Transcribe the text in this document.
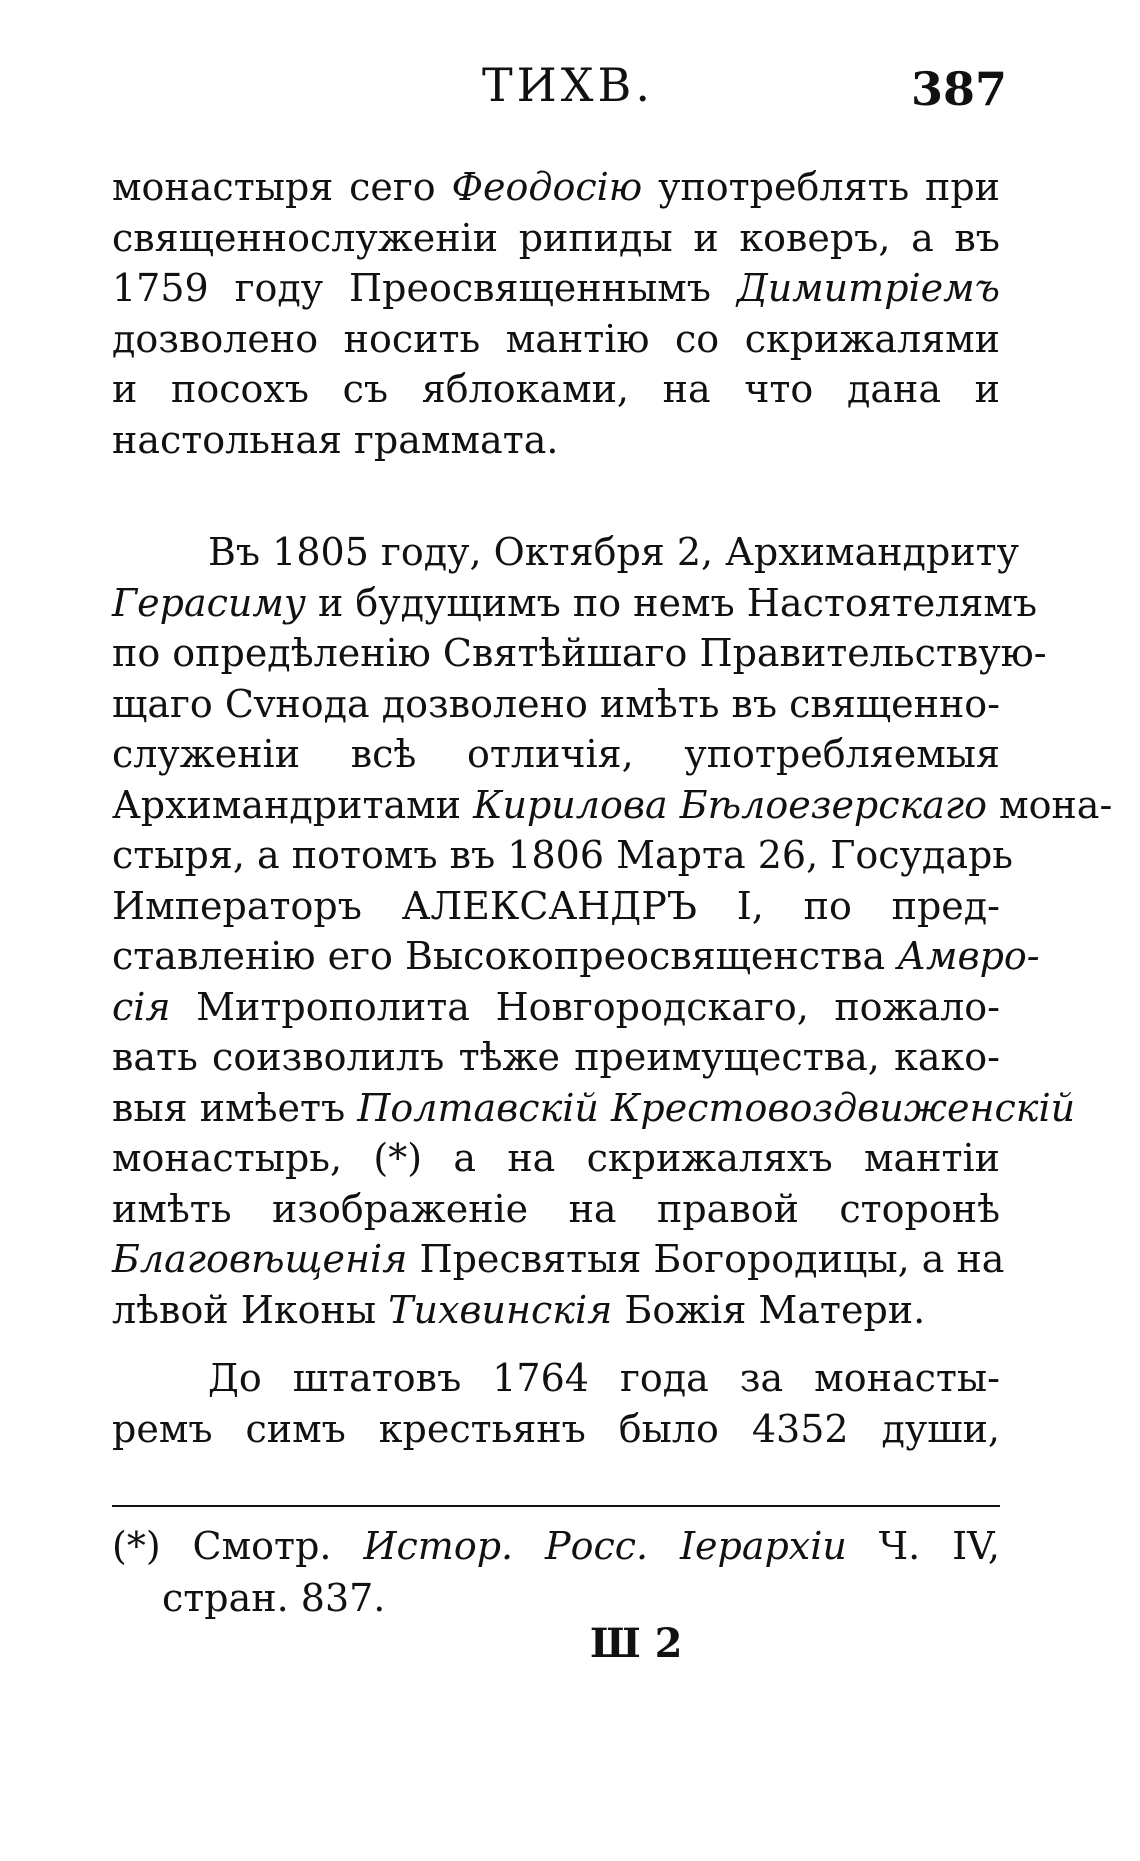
ТИХВ.	387
монастыря сего Феодосію употреблять при
священнослуженіи рипиды и коверъ, а въ
1759 году Преосвященнымъ Димитріемъ
дозволено носить мантію со скрижалями
и посохъ съ яблоками, на что дана и
настольная граммата.
Въ 1805 году, Октября 2, Архимандриту
Герасиму и будущимъ по немъ Настоятелямъ
по опредѣленію Святѣйшаго Правительствую-
щаго Сvнода дозволено имѣть въ священно-
служеніи всѣ отличія, употребляемыя
Архимандритами Кирилова Бѣлоезерскаго мона-
стыря, а потомъ въ 1806 Марта 26, Государь
Императоръ АЛЕКСАНДРЪ I, по пред-
ставленію его Высокопреосвященства Амвро-
сія Митрополита Новгородскаго, пожало-
вать соизволилъ тѣже преимущества, како-
выя имѣетъ Полтавскій Крестовоздвиженскій
монастырь, (*) а на скрижаляхъ мантіи
имѣть изображеніе на правой сторонѣ
Благовѣщенія Пресвятыя Богородицы, а на
лѣвой Иконы Тихвинскія Божія Матери.
До штатовъ 1764 года за монасты-
ремъ симъ крестьянъ было 4352 души,
(*) Смотр. Истор. Росс. Іерархіи Ч. IV,
стран. 837.
Ш 2
